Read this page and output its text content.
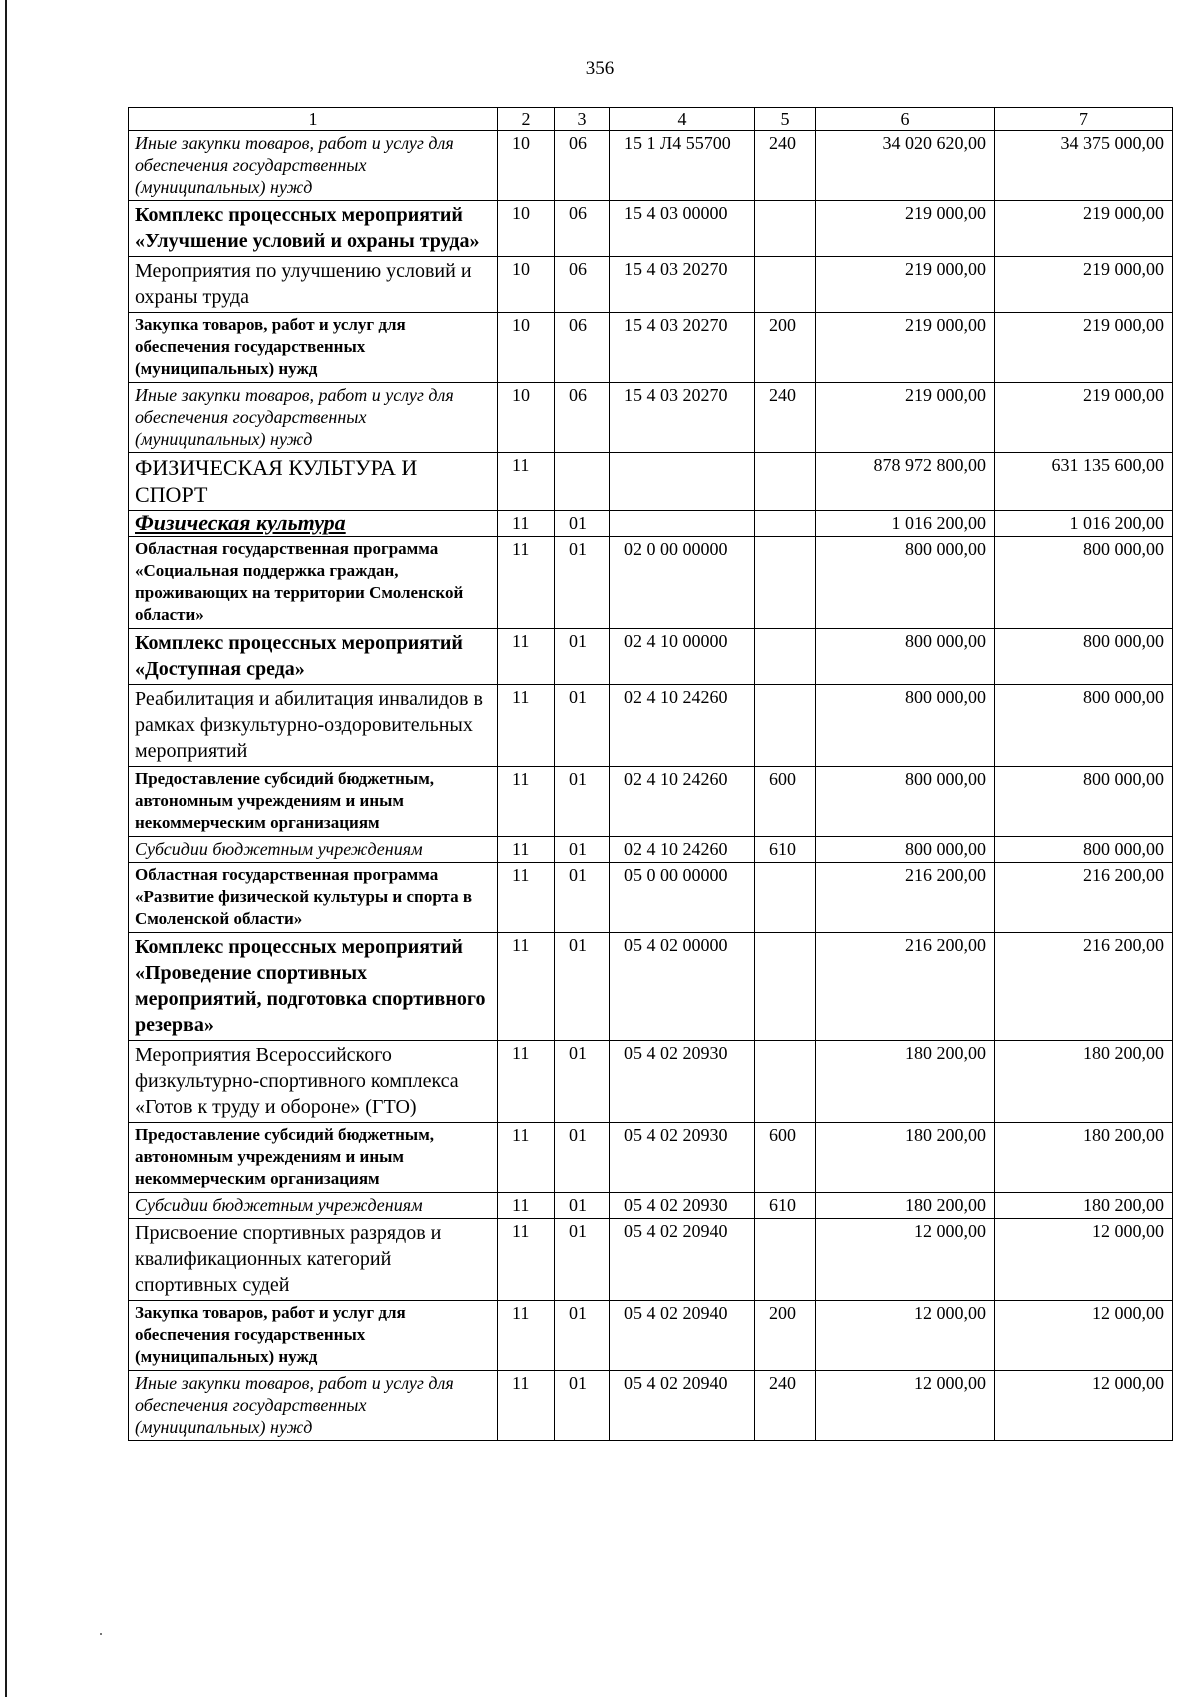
356
1	2	3	4	5	6	7
Иные закупки товаров, работ и услуг для обеспечения государственных (муниципальных) нужд	10	06	15 1 Л4 55700	240	34 020 620,00	34 375 000,00
Комплекс процессных мероприятий «Улучшение условий и охраны труда»	10	06	15 4 03 00000		219 000,00	219 000,00
Мероприятия по улучшению условий и охраны труда	10	06	15 4 03 20270		219 000,00	219 000,00
Закупка товаров, работ и услуг для обеспечения государственных (муниципальных) нужд	10	06	15 4 03 20270	200	219 000,00	219 000,00
Иные закупки товаров, работ и услуг для обеспечения государственных (муниципальных) нужд	10	06	15 4 03 20270	240	219 000,00	219 000,00
ФИЗИЧЕСКАЯ КУЛЬТУРА И СПОРТ	11				878 972 800,00	631 135 600,00
Физическая культура	11	01			1 016 200,00	1 016 200,00
Областная государственная программа «Социальная поддержка граждан, проживающих на территории Смоленской области»	11	01	02 0 00 00000		800 000,00	800 000,00
Комплекс процессных мероприятий «Доступная среда»	11	01	02 4 10 00000		800 000,00	800 000,00
Реабилитация и абилитация инвалидов в рамках физкультурно-оздоровительных мероприятий	11	01	02 4 10 24260		800 000,00	800 000,00
Предоставление субсидий бюджетным, автономным учреждениям и иным некоммерческим организациям	11	01	02 4 10 24260	600	800 000,00	800 000,00
Субсидии бюджетным учреждениям	11	01	02 4 10 24260	610	800 000,00	800 000,00
Областная государственная программа «Развитие физической культуры и спорта в Смоленской области»	11	01	05 0 00 00000		216 200,00	216 200,00
Комплекс процессных мероприятий «Проведение спортивных мероприятий, подготовка спортивного резерва»	11	01	05 4 02 00000		216 200,00	216 200,00
Мероприятия Всероссийского физкультурно-спортивного комплекса «Готов к труду и обороне» (ГТО)	11	01	05 4 02 20930		180 200,00	180 200,00
Предоставление субсидий бюджетным, автономным учреждениям и иным некоммерческим организациям	11	01	05 4 02 20930	600	180 200,00	180 200,00
Субсидии бюджетным учреждениям	11	01	05 4 02 20930	610	180 200,00	180 200,00
Присвоение спортивных разрядов и квалификационных категорий спортивных судей	11	01	05 4 02 20940		12 000,00	12 000,00
Закупка товаров, работ и услуг для обеспечения государственных (муниципальных) нужд	11	01	05 4 02 20940	200	12 000,00	12 000,00
Иные закупки товаров, работ и услуг для обеспечения государственных (муниципальных) нужд	11	01	05 4 02 20940	240	12 000,00	12 000,00
